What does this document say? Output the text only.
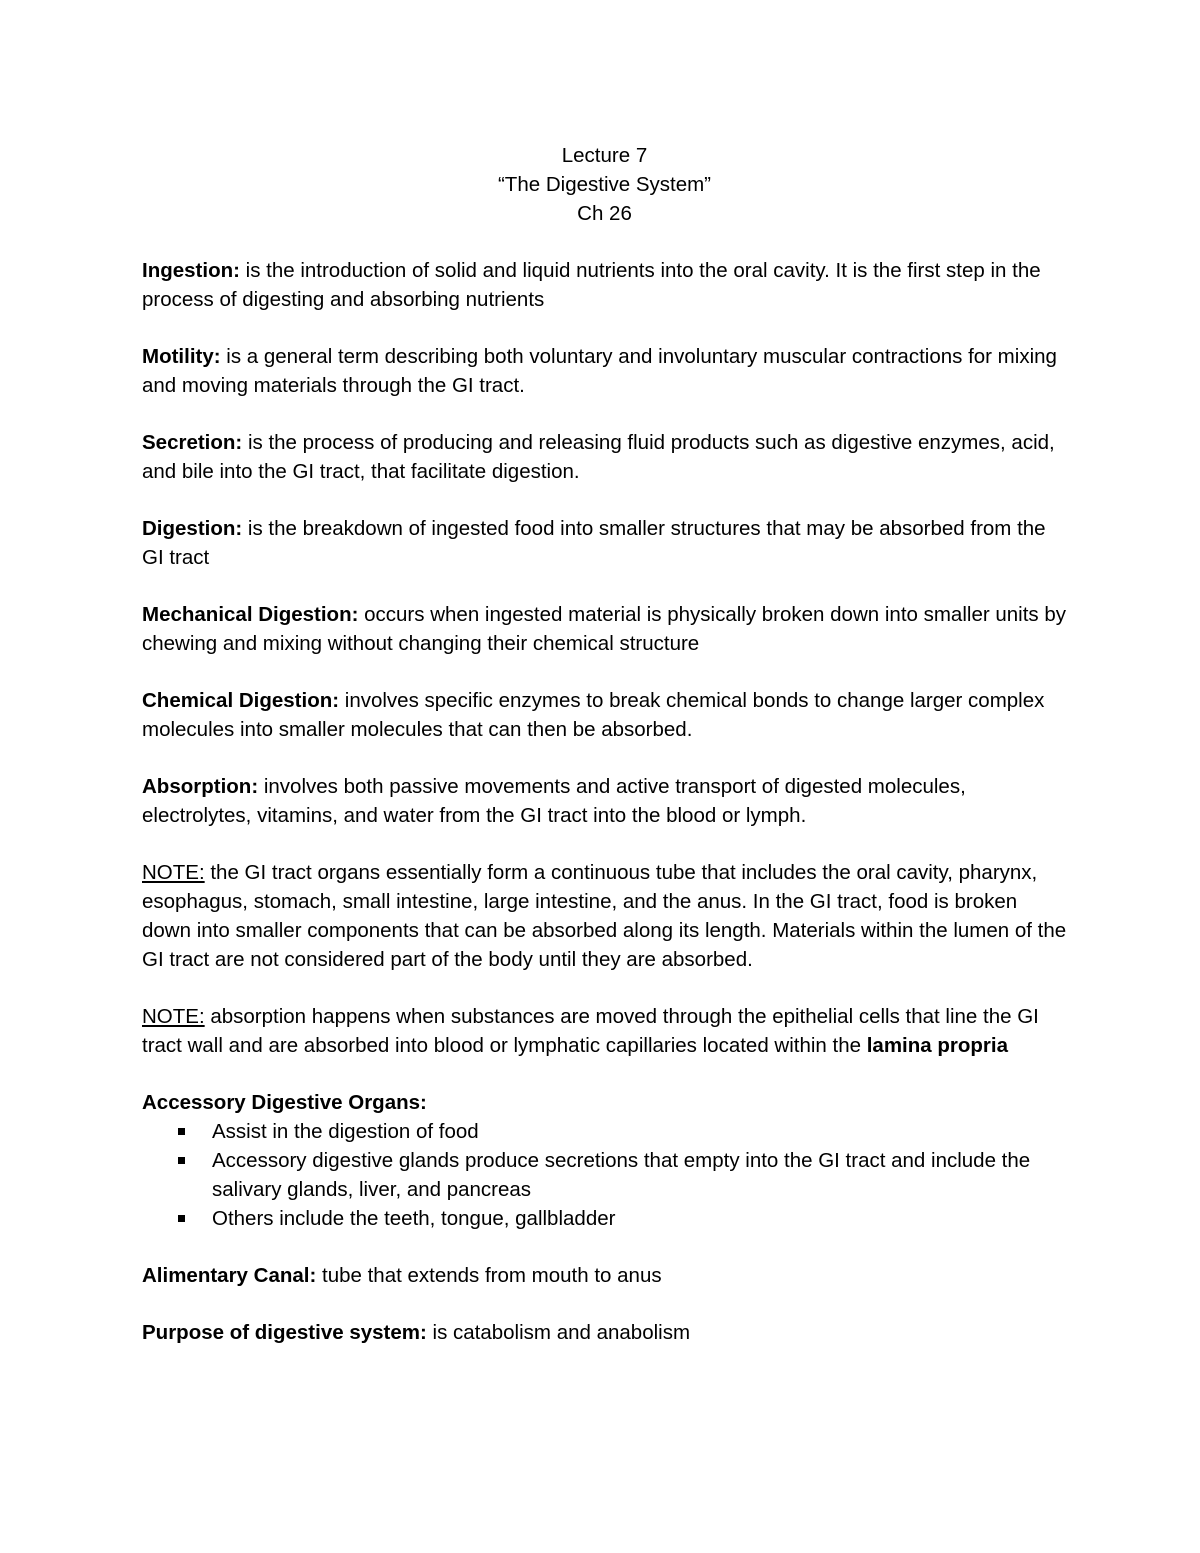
Lecture 7
“The Digestive System”
Ch 26

Ingestion: is the introduction of solid and liquid nutrients into the oral cavity. It is the first step in the process of digesting and absorbing nutrients

Motility: is a general term describing both voluntary and involuntary muscular contractions for mixing and moving materials through the GI tract.

Secretion: is the process of producing and releasing fluid products such as digestive enzymes, acid, and bile into the GI tract, that facilitate digestion.

Digestion: is the breakdown of ingested food into smaller structures that may be absorbed from the GI tract

Mechanical Digestion: occurs when ingested material is physically broken down into smaller units by chewing and mixing without changing their chemical structure

Chemical Digestion: involves specific enzymes to break chemical bonds to change larger complex molecules into smaller molecules that can then be absorbed.

Absorption: involves both passive movements and active transport of digested molecules, electrolytes, vitamins, and water from the GI tract into the blood or lymph.

NOTE: the GI tract organs essentially form a continuous tube that includes the oral cavity, pharynx, esophagus, stomach, small intestine, large intestine, and the anus. In the GI tract, food is broken down into smaller components that can be absorbed along its length. Materials within the lumen of the GI tract are not considered part of the body until they are absorbed.

NOTE: absorption happens when substances are moved through the epithelial cells that line the GI tract wall and are absorbed into blood or lymphatic capillaries located within the lamina propria

Accessory Digestive Organs:

Assist in the digestion of food
Accessory digestive glands produce secretions that empty into the GI tract and include the salivary glands, liver, and pancreas
Others include the teeth, tongue, gallbladder

Alimentary Canal: tube that extends from mouth to anus

Purpose of digestive system: is catabolism and anabolism
